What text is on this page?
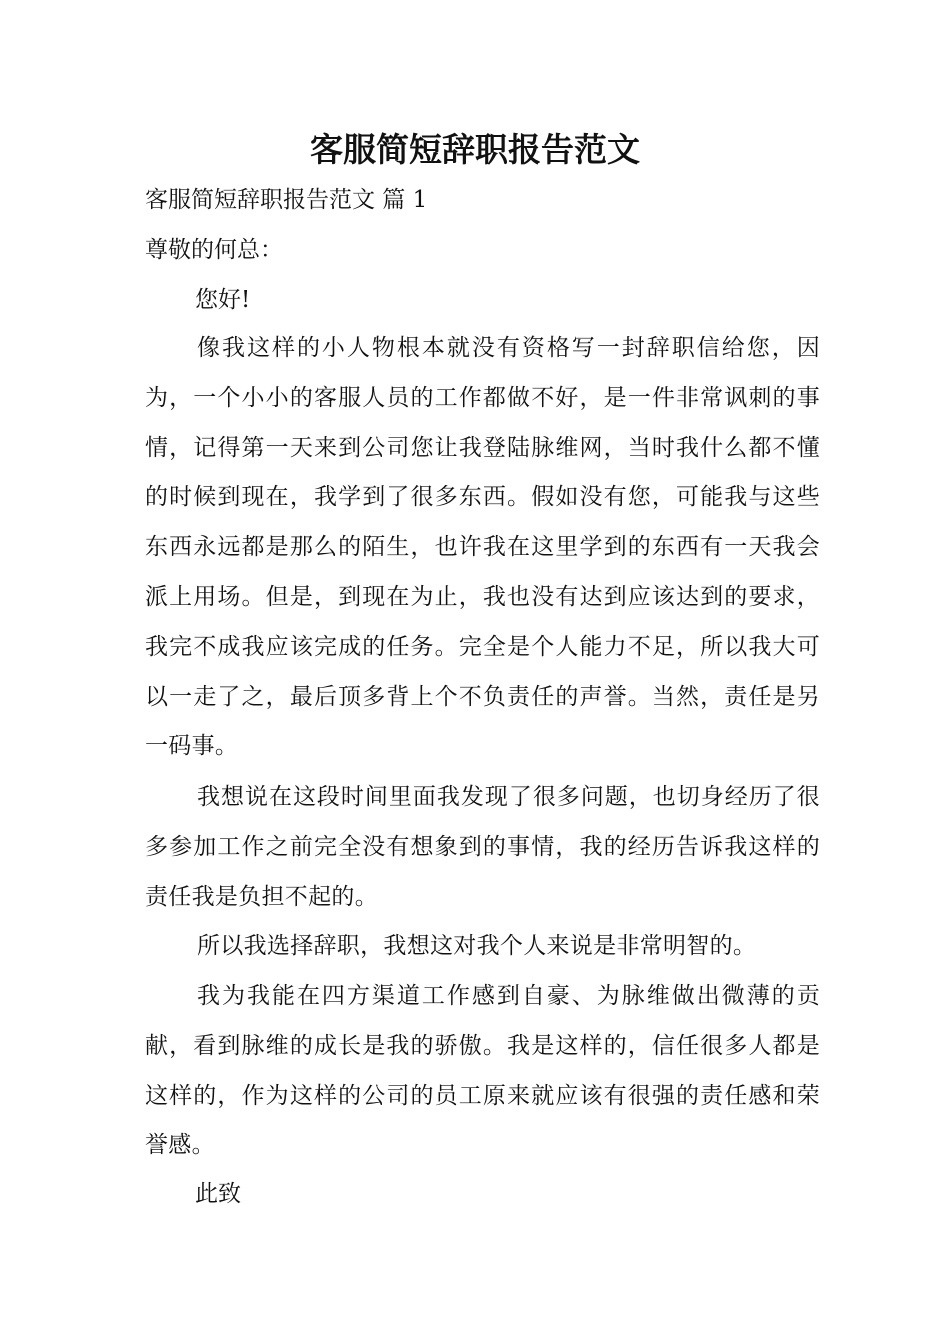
客服简短辞职报告范文

客服简短辞职报告范文 篇 1

尊敬的何总：

您好!

像我这样的小人物根本就没有资格写一封辞职信给您，因为，一个小小的客服人员的工作都做不好，是一件非常讽刺的事情，记得第一天来到公司您让我登陆脉维网，当时我什么都不懂的时候到现在，我学到了很多东西。假如没有您，可能我与这些东西永远都是那么的陌生，也许我在这里学到的东西有一天我会派上用场。但是，到现在为止，我也没有达到应该达到的要求，我完不成我应该完成的任务。完全是个人能力不足，所以我大可以一走了之，最后顶多背上个不负责任的声誉。当然，责任是另一码事。

我想说在这段时间里面我发现了很多问题，也切身经历了很多参加工作之前完全没有想象到的事情，我的经历告诉我这样的责任我是负担不起的。

所以我选择辞职，我想这对我个人来说是非常明智的。

我为我能在四方渠道工作感到自豪、为脉维做出微薄的贡献，看到脉维的成长是我的骄傲。我是这样的，信任很多人都是这样的，作为这样的公司的员工原来就应该有很强的责任感和荣誉感。

此致
